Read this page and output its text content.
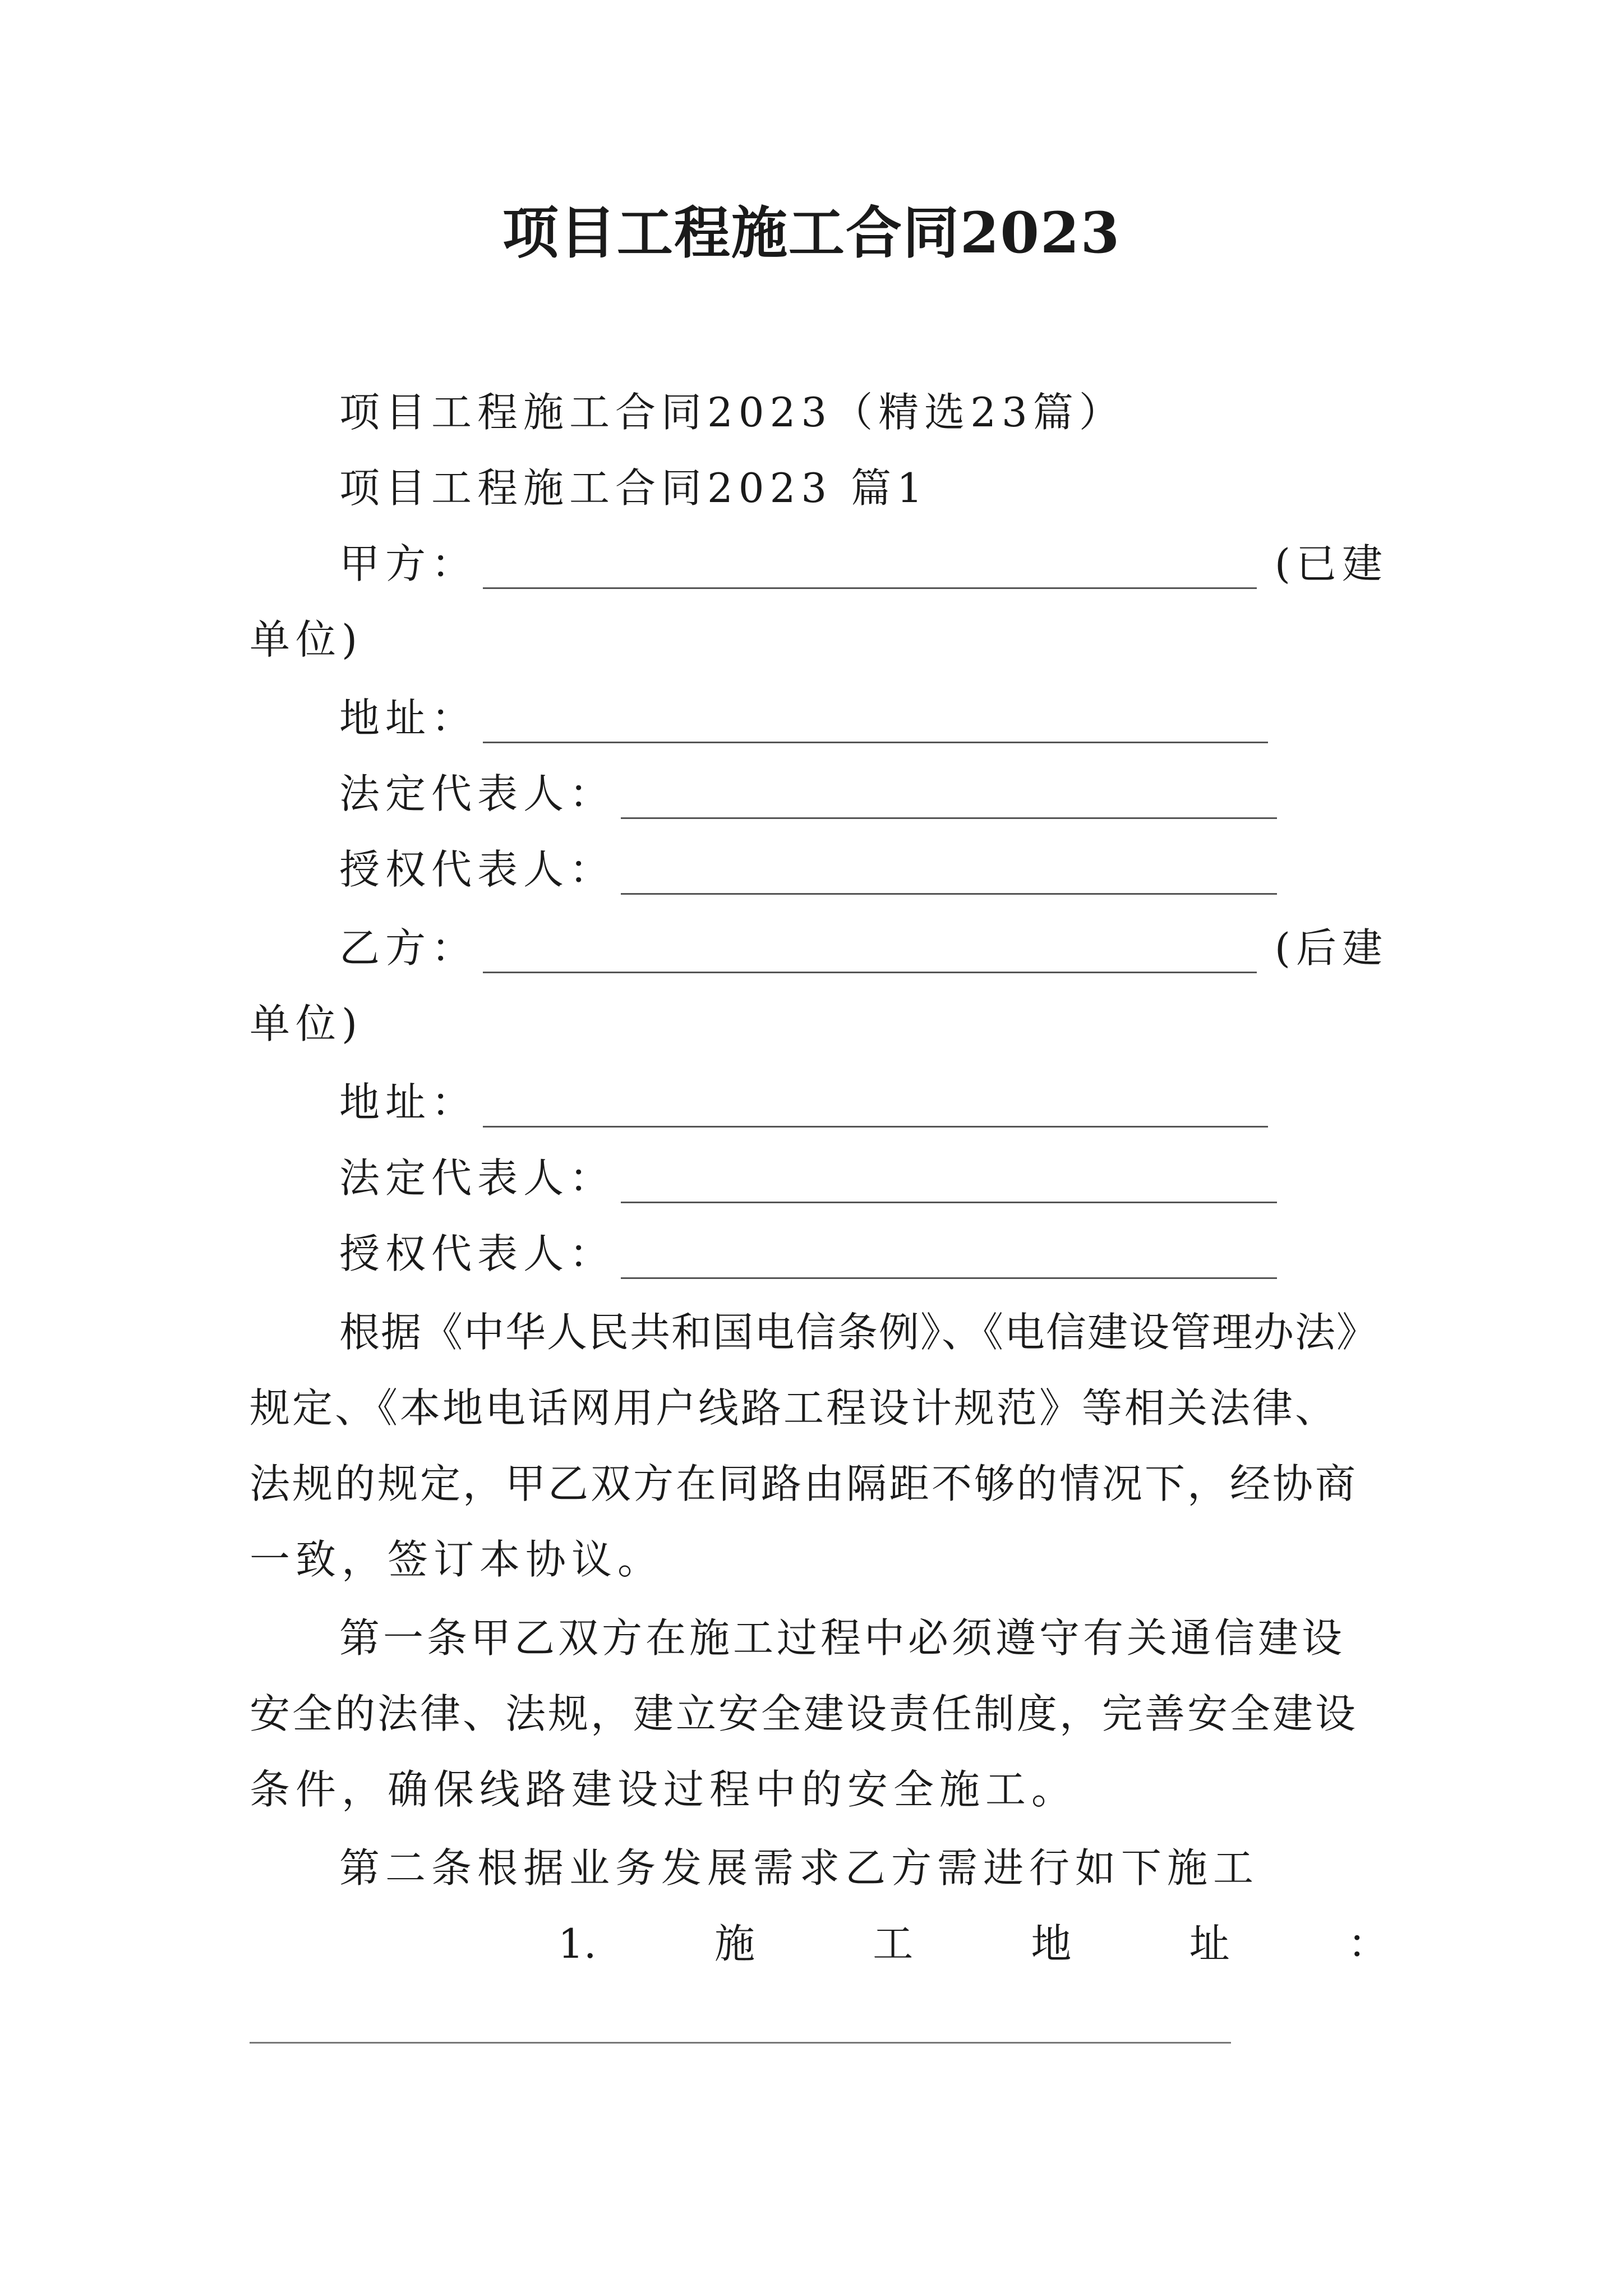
项目工程施工合同2023
项目工程施工合同2023（精选23篇）
项目工程施工合同2023 篇1
甲方：	(已建
单位)
地址：
法定代表人：
授权代表人：
乙方：	(后建
单位)
地址：
法定代表人：
授权代表人：
根据《中华人民共和国电信条例》、《电信建设管理办法》
规定、《本地电话网用户线路工程设计规范》等相关法律、
法规的规定，甲乙双方在同路由隔距不够的情况下，经协商
一致，签订本协议。
第一条甲乙双方在施工过程中必须遵守有关通信建设
安全的法律、法规，建立安全建设责任制度，完善安全建设
条件，确保线路建设过程中的安全施工。
第二条根据业务发展需求乙方需进行如下施工
1.	施	工	地	址	：
